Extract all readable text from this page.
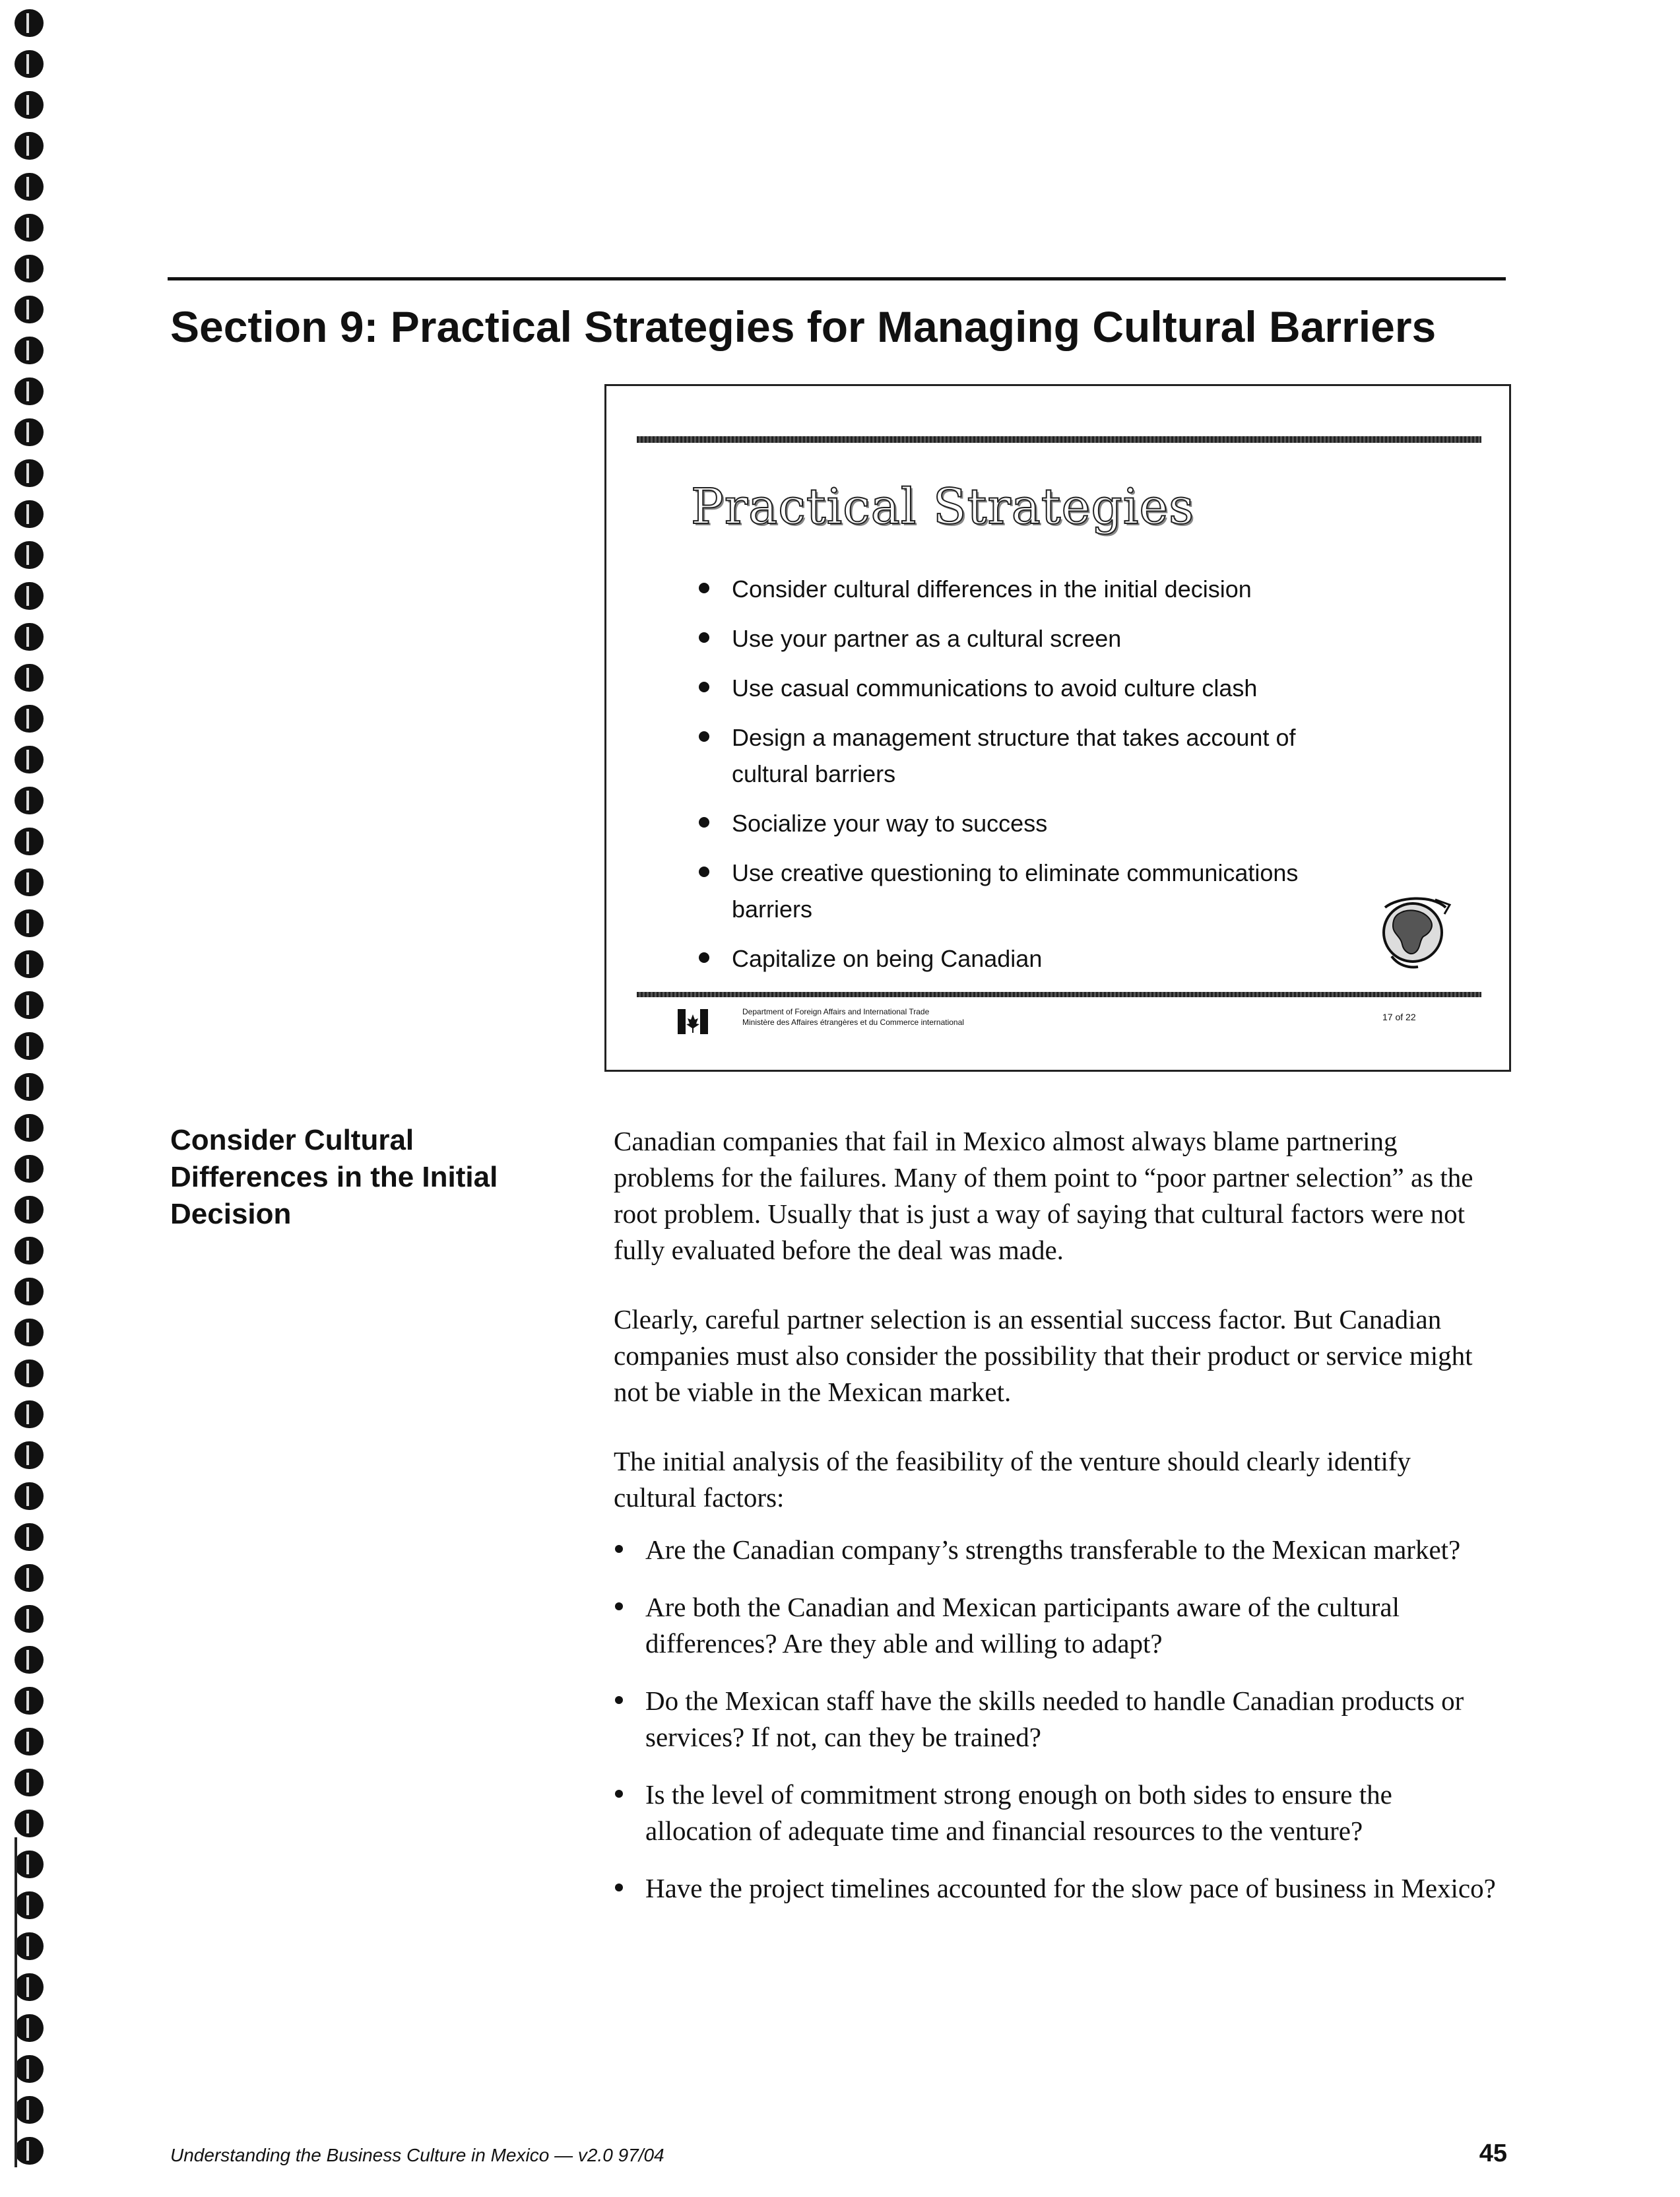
Section 9: Practical Strategies for Managing Cultural Barriers
Practical Strategies
Consider cultural differences in the initial decision
Use your partner as a cultural screen
Use casual communications to avoid culture clash
Design a management structure that takes account of cultural barriers
Socialize your way to success
Use creative questioning to eliminate communications barriers
Capitalize on being Canadian
Department of Foreign Affairs and International Trade
Ministère des Affaires étrangères et du Commerce international	17 of 22
Consider Cultural Differences in the Initial Decision

Canadian companies that fail in Mexico almost always blame partnering problems for the failures. Many of them point to “poor partner selection” as the root problem. Usually that is just a way of saying that cultural factors were not fully evaluated before the deal was made.

Clearly, careful partner selection is an essential success factor. But Canadian companies must also consider the possibility that their product or service might not be viable in the Mexican market.

The initial analysis of the feasibility of the venture should clearly identify cultural factors:

Are the Canadian company’s strengths transferable to the Mexican market?
Are both the Canadian and Mexican participants aware of the cultural differences? Are they able and willing to adapt?
Do the Mexican staff have the skills needed to handle Canadian products or services? If not, can they be trained?
Is the level of commitment strong enough on both sides to ensure the allocation of adequate time and financial resources to the venture?
Have the project timelines accounted for the slow pace of business in Mexico?
Understanding the Business Culture in Mexico — v2.0 97/04	45
